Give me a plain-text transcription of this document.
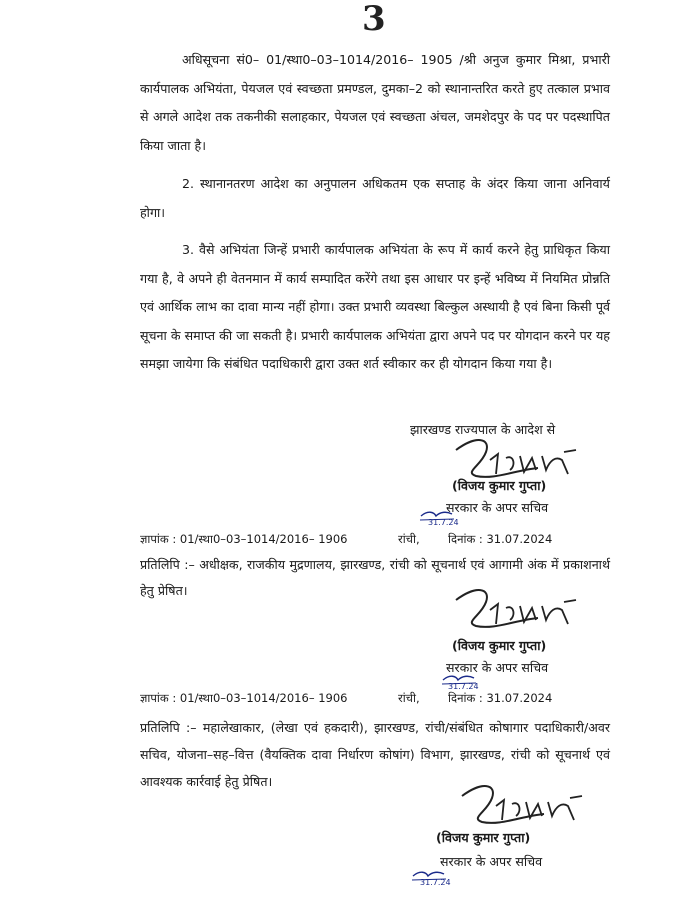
3

अधिसूचना सं0– 01/स्था0–03–1014/2016– 1905 /श्री अनुज कुमार मिश्रा, प्रभारी कार्यपालक अभियंता, पेयजल एवं स्वच्छता प्रमण्डल, दुमका–2 को स्थानान्तरित करते हुए तत्काल प्रभाव से अगले आदेश तक तकनीकी सलाहकार, पेयजल एवं स्वच्छता अंचल, जमशेदपुर के पद पर पदस्थापित किया जाता है।

2. स्थानानतरण आदेश का अनुपालन अधिकतम एक सप्ताह के अंदर किया जाना अनिवार्य होगा।

3. वैसे अभियंता जिन्हें प्रभारी कार्यपालक अभियंता के रूप में कार्य करने हेतु प्राधिकृत किया गया है, वे अपने ही वेतनमान में कार्य सम्पादित करेंगे तथा इस आधार पर इन्हें भविष्य में नियमित प्रोन्नति एवं आर्थिक लाभ का दावा मान्य नहीं होगा। उक्त प्रभारी व्यवस्था बिल्कुल अस्थायी है एवं बिना किसी पूर्व सूचना के समाप्त की जा सकती है। प्रभारी कार्यपालक अभियंता द्वारा अपने पद पर योगदान करने पर यह समझा जायेगा कि संबंधित पदाधिकारी द्वारा उक्त शर्त स्वीकार कर ही योगदान किया गया है।

झारखण्ड राज्यपाल के आदेश से
(विजय कुमार गुप्ता)
सरकार के अपर सचिव
31.7.24
ज्ञापांक : 01/स्था0–03–1014/2016– 1906	रांची, दिनांक : 31.07.2024

प्रतिलिपि :– अधीक्षक, राजकीय मुद्रणालय, झारखण्ड, रांची को सूचनार्थ एवं आगामी अंक में प्रकाशनार्थ हेतु प्रेषित।

(विजय कुमार गुप्ता)
सरकार के अपर सचिव
31.7.24
ज्ञापांक : 01/स्था0–03–1014/2016– 1906	रांची, दिनांक : 31.07.2024

प्रतिलिपि :– महालेखाकार, (लेखा एवं हकदारी), झारखण्ड, रांची/संबंधित कोषागार पदाधिकारी/अवर सचिव, योजना–सह–वित्त (वैयक्तिक दावा निर्धारण कोषांग) विभाग, झारखण्ड, रांची को सूचनार्थ एवं आवश्यक कार्रवाई हेतु प्रेषित।

(विजय कुमार गुप्ता)
सरकार के अपर सचिव
31.7.24
